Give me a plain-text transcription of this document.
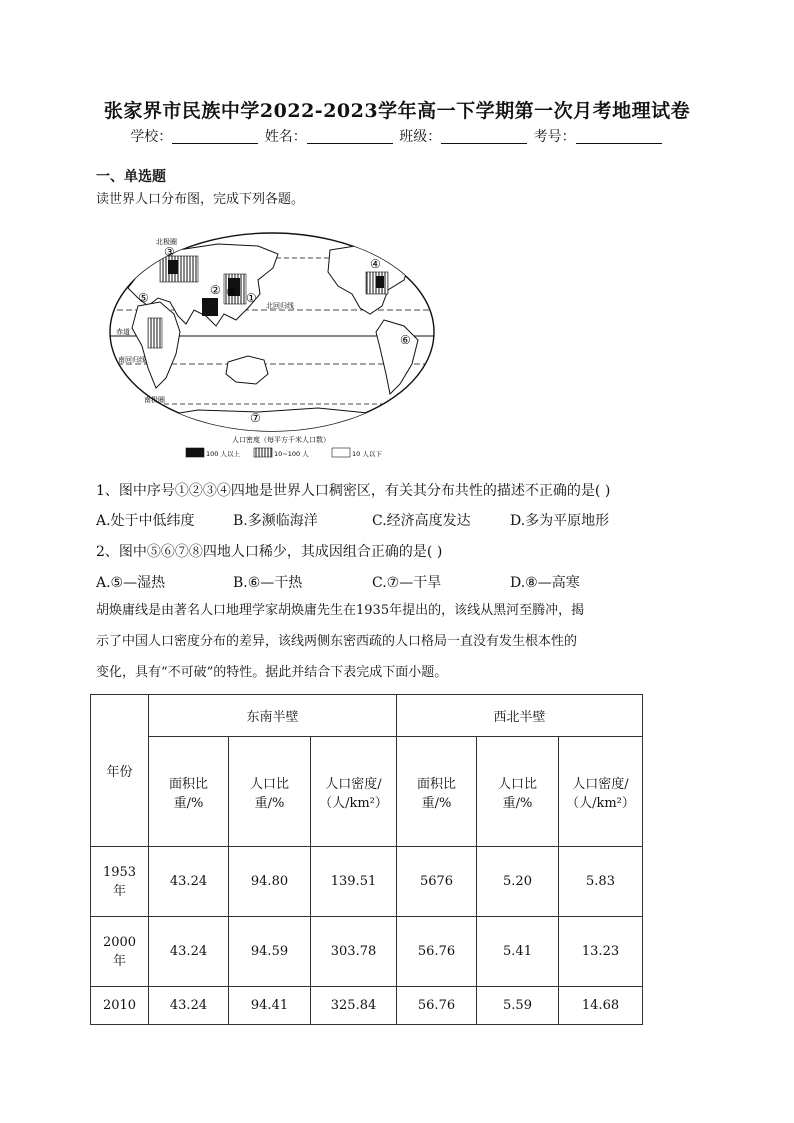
张家界市民族中学2022-2023学年高一下学期第一次月考地理试卷
学校：	姓名：	班级：	考号：
一、单选题
读世界人口分布图，完成下列各题。
北极圈
北回归线
赤道
南回归线
南极圈
①
②
③
④
⑤
⑥
⑦
⑧
人口密度（每平方千米人口数）
100 人以上	10~100 人	10 人以下
1、图中序号①②③④四地是世界人口稠密区，有关其分布共性的描述不正确的是( )
A.处于中低纬度	B.多濒临海洋	C.经济高度发达	D.多为平原地形
2、图中⑤⑥⑦⑧四地人口稀少，其成因组合正确的是( )
A.⑤—湿热	B.⑥—干热	C.⑦—干旱	D.⑧—高寒
胡焕庸线是由著名人口地理学家胡焕庸先生在1935年提出的，该线从黑河至腾冲，揭
示了中国人口密度分布的差异，该线两侧东密西疏的人口格局一直没有发生根本性的
变化，具有“不可破”的特性。据此并结合下表完成下面小题。
年份	东南半壁			西北半壁		
	面积比重/%	人口比重/%	人口密度/（人/km²）	面积比重/%	人口比重/%	人口密度/（人/km²）
1953年	43.24	94.80	139.51	5676	5.20	5.83
2000年	43.24	94.59	303.78	56.76	5.41	13.23
2010	43.24	94.41	325.84	56.76	5.59	14.68
